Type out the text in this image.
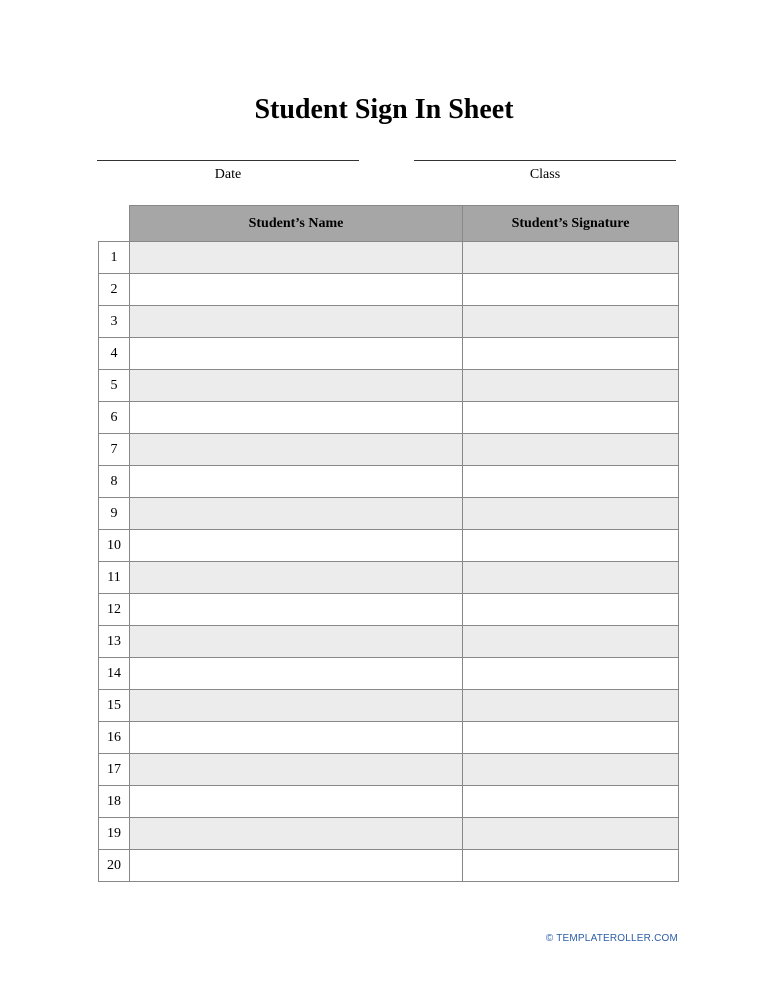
Student Sign In Sheet
Date	Class
	Student’s Name	Student’s Signature
1		
2		
3		
4		
5		
6		
7		
8		
9		
10		
11		
12		
13		
14		
15		
16		
17		
18		
19		
20		
© TEMPLATEROLLER.COM
